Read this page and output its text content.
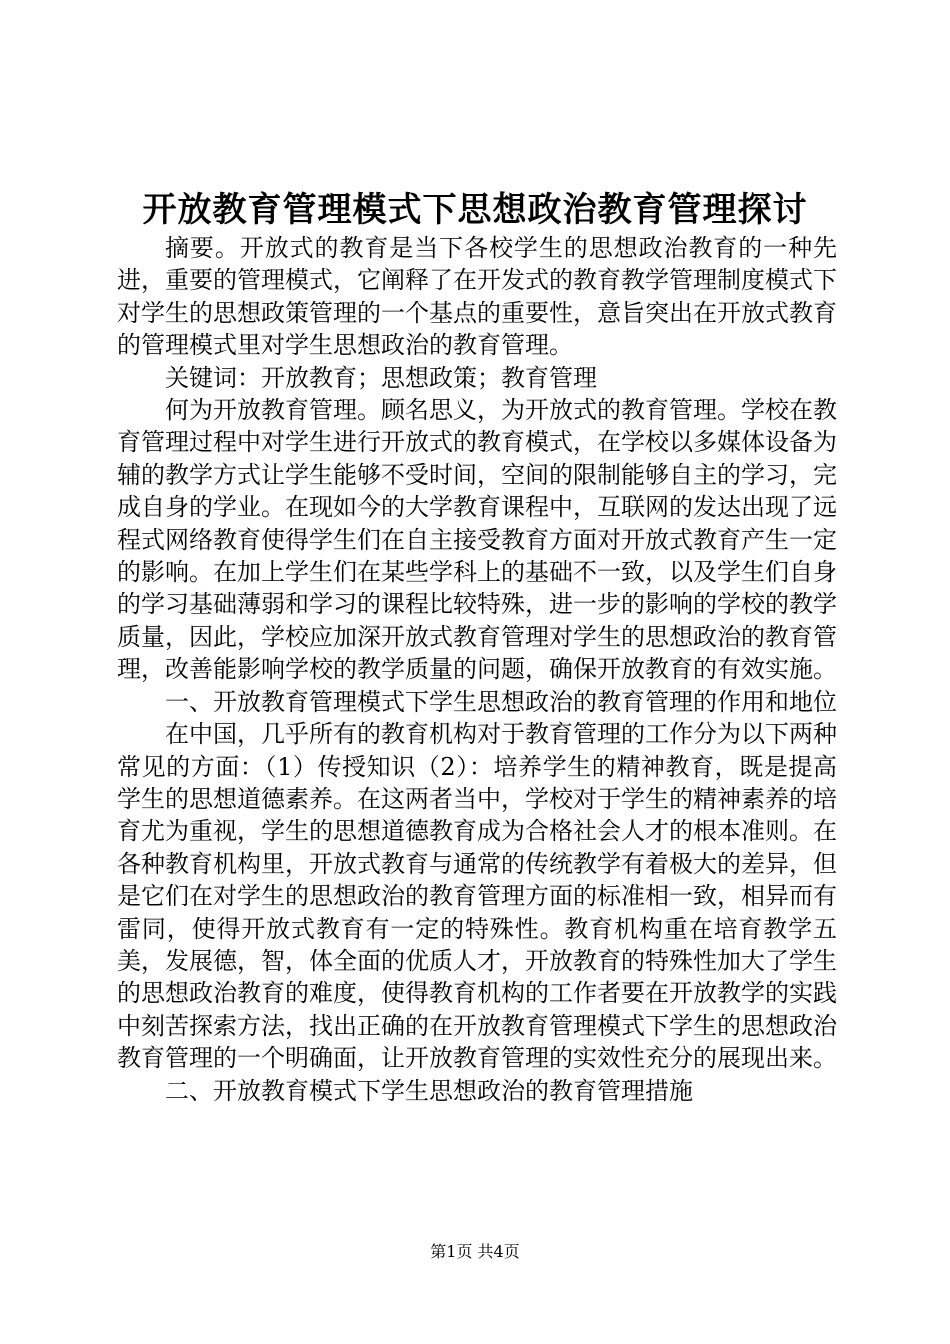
开放教育管理模式下思想政治教育管理探讨

摘要。开放式的教育是当下各校学生的思想政治教育的一种先进，重要的管理模式，它阐释了在开发式的教育教学管理制度模式下对学生的思想政策管理的一个基点的重要性，意旨突出在开放式教育的管理模式里对学生思想政治的教育管理。

关键词：开放教育；思想政策；教育管理

何为开放教育管理。顾名思义，为开放式的教育管理。学校在教育管理过程中对学生进行开放式的教育模式，在学校以多媒体设备为辅的教学方式让学生能够不受时间，空间的限制能够自主的学习，完成自身的学业。在现如今的大学教育课程中，互联网的发达出现了远程式网络教育使得学生们在自主接受教育方面对开放式教育产生一定的影响。在加上学生们在某些学科上的基础不一致，以及学生们自身的学习基础薄弱和学习的课程比较特殊，进一步的影响的学校的教学质量，因此，学校应加深开放式教育管理对学生的思想政治的教育管理，改善能影响学校的教学质量的问题，确保开放教育的有效实施。

一、开放教育管理模式下学生思想政治的教育管理的作用和地位

在中国，几乎所有的教育机构对于教育管理的工作分为以下两种常见的方面：（1）传授知识（2）：培养学生的精神教育，既是提高学生的思想道德素养。在这两者当中，学校对于学生的精神素养的培育尤为重视，学生的思想道德教育成为合格社会人才的根本准则。在各种教育机构里，开放式教育与通常的传统教学有着极大的差异，但是它们在对学生的思想政治的教育管理方面的标准相一致，相异而有雷同，使得开放式教育有一定的特殊性。教育机构重在培育教学五美，发展德，智，体全面的优质人才，开放教育的特殊性加大了学生的思想政治教育的难度，使得教育机构的工作者要在开放教学的实践中刻苦探索方法，找出正确的在开放教育管理模式下学生的思想政治教育管理的一个明确面，让开放教育管理的实效性充分的展现出来。

二、开放教育模式下学生思想政治的教育管理措施

第1页 共4页
